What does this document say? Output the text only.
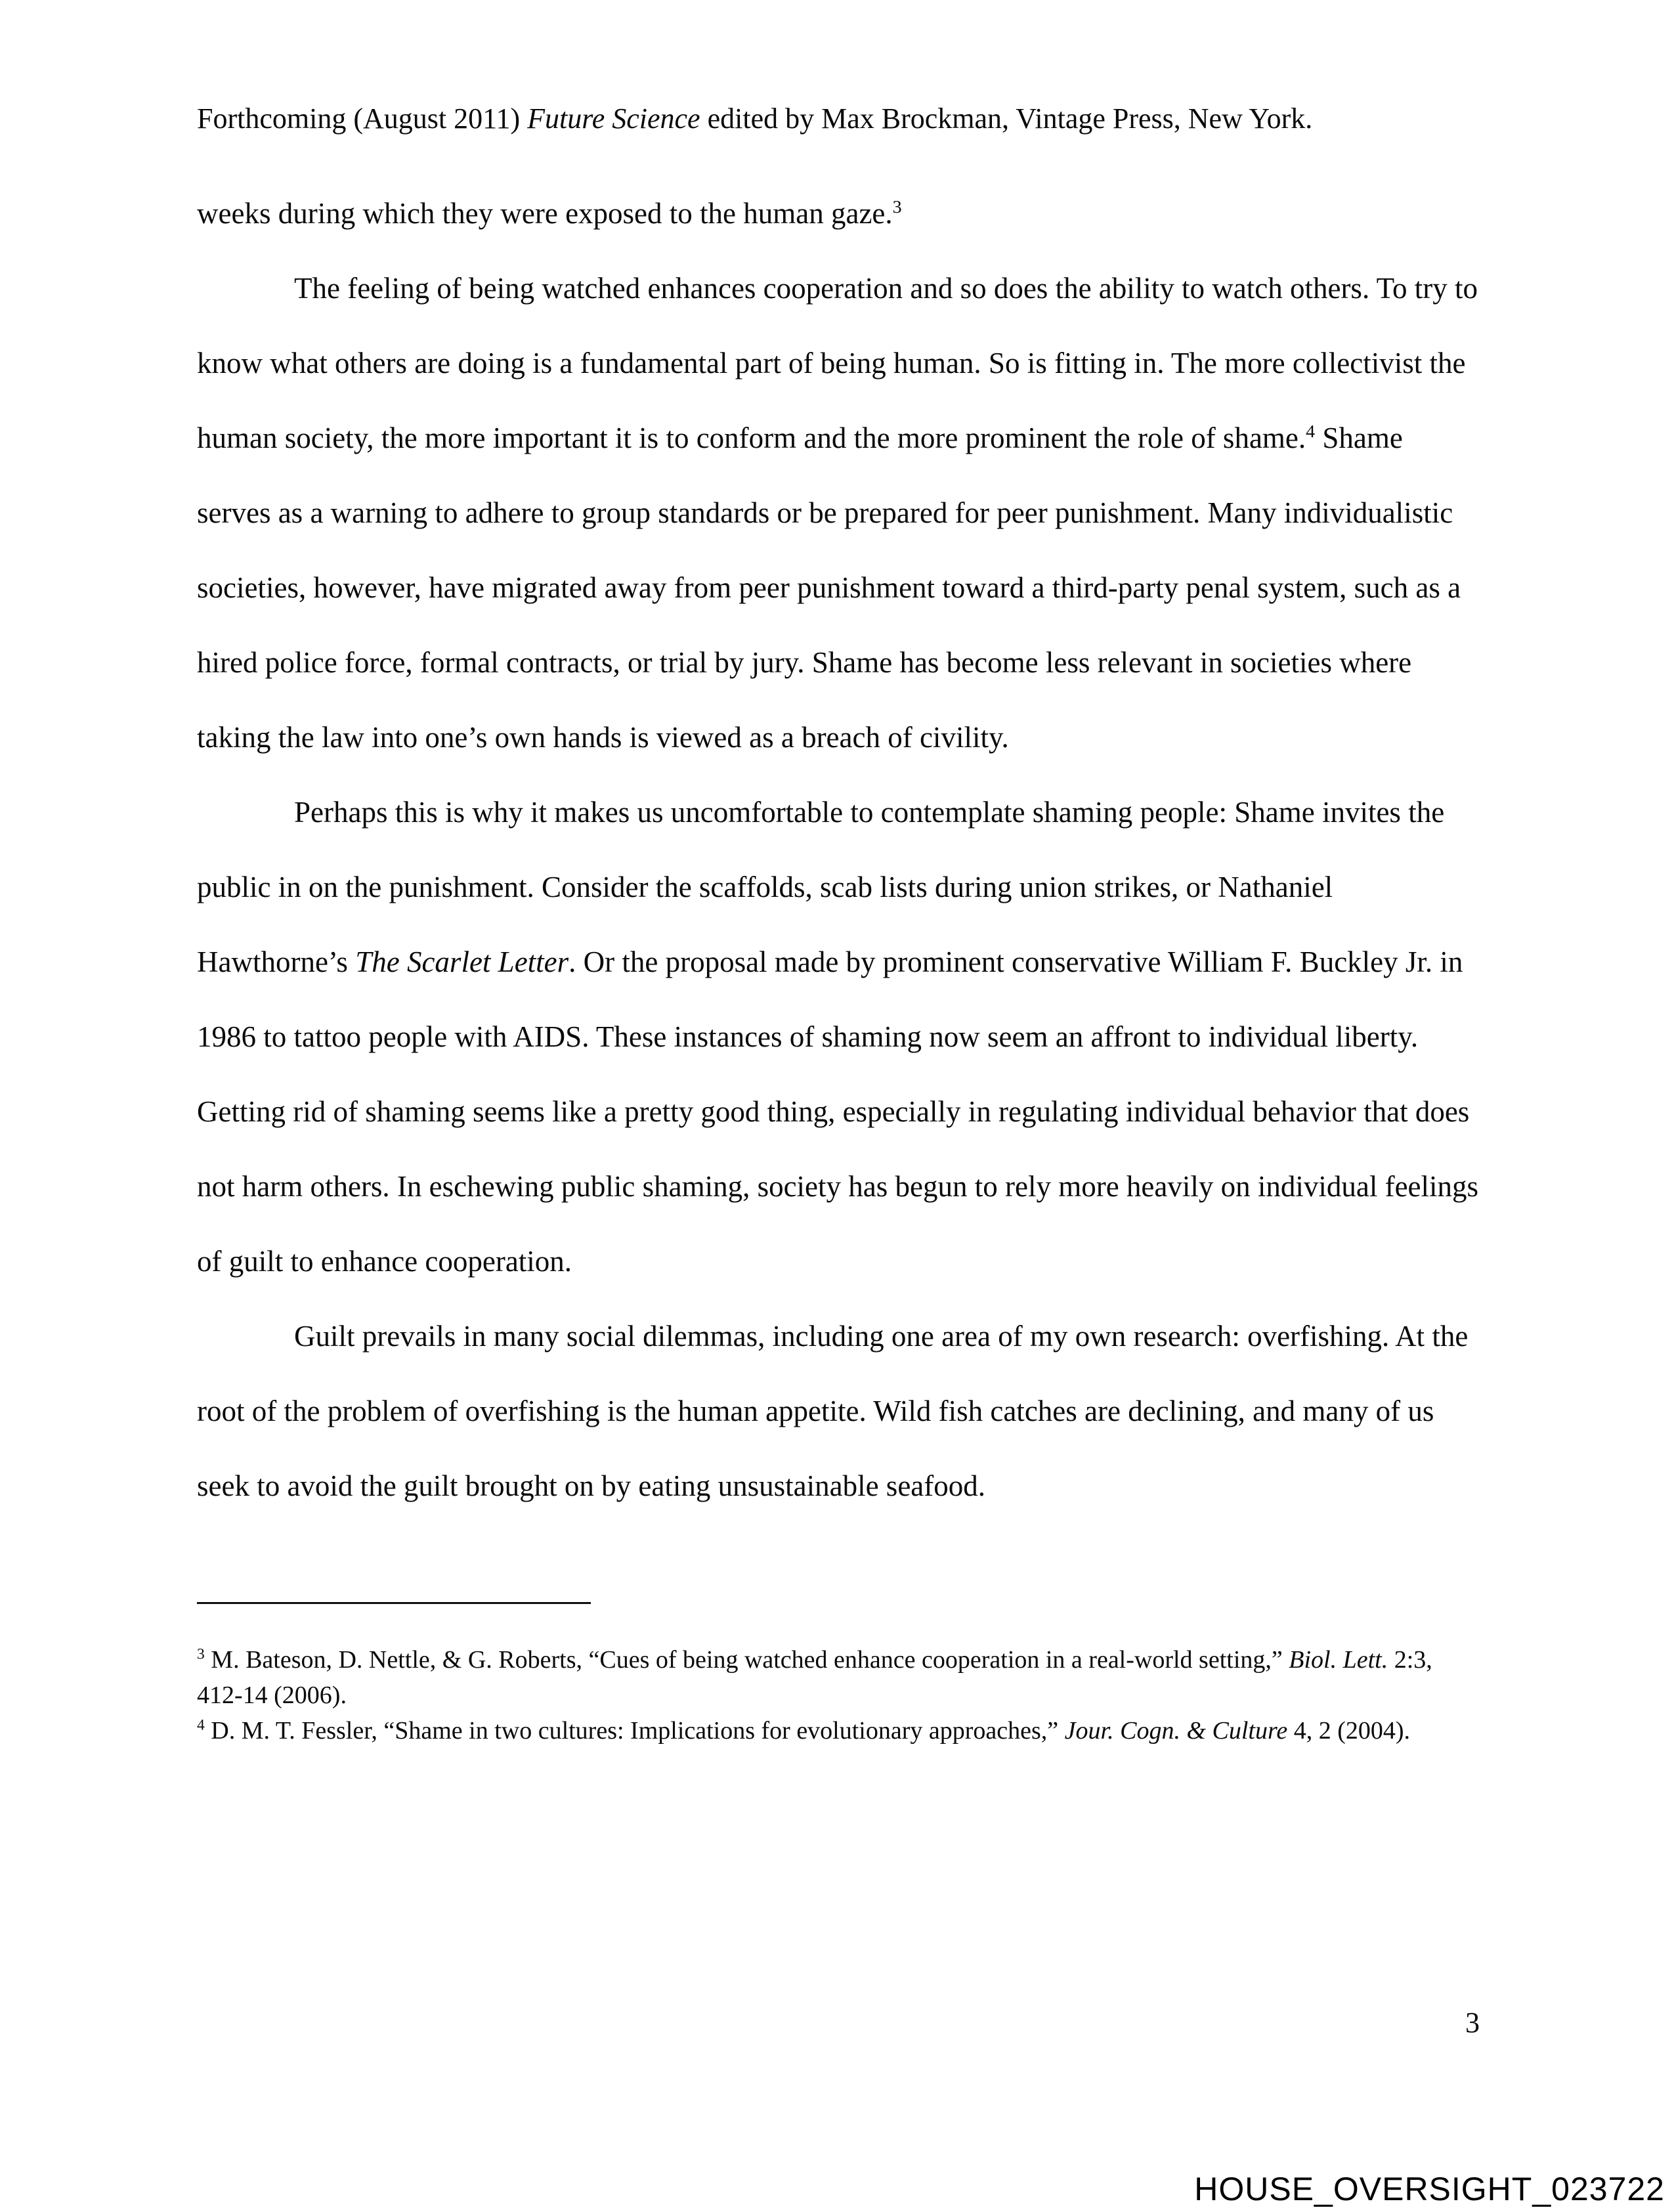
Forthcoming (August 2011) Future Science edited by Max Brockman, Vintage Press, New York.

weeks during which they were exposed to the human gaze.$^3$

The feeling of being watched enhances cooperation and so does the ability to watch others. To try to know what others are doing is a fundamental part of being human. So is fitting in. The more collectivist the human society, the more important it is to conform and the more prominent the role of shame.$^4$ Shame serves as a warning to adhere to group standards or be prepared for peer punishment. Many individualistic societies, however, have migrated away from peer punishment toward a third-party penal system, such as a hired police force, formal contracts, or trial by jury. Shame has become less relevant in societies where taking the law into one’s own hands is viewed as a breach of civility.

Perhaps this is why it makes us uncomfortable to contemplate shaming people: Shame invites the public in on the punishment. Consider the scaffolds, scab lists during union strikes, or Nathaniel Hawthorne’s The Scarlet Letter. Or the proposal made by prominent conservative William F. Buckley Jr. in 1986 to tattoo people with AIDS. These instances of shaming now seem an affront to individual liberty. Getting rid of shaming seems like a pretty good thing, especially in regulating individual behavior that does not harm others. In eschewing public shaming, society has begun to rely more heavily on individual feelings of guilt to enhance cooperation.

Guilt prevails in many social dilemmas, including one area of my own research: overfishing. At the root of the problem of overfishing is the human appetite. Wild fish catches are declining, and many of us seek to avoid the guilt brought on by eating unsustainable seafood.

$^3$ M. Bateson, D. Nettle, & G. Roberts, “Cues of being watched enhance cooperation in a real-world setting,” Biol. Lett. 2:3, 412-14 (2006).

$^4$ D. M. T. Fessler, “Shame in two cultures: Implications for evolutionary approaches,” Jour. Cogn. & Culture 4, 2 (2004).

3
HOUSE_OVERSIGHT_023722
